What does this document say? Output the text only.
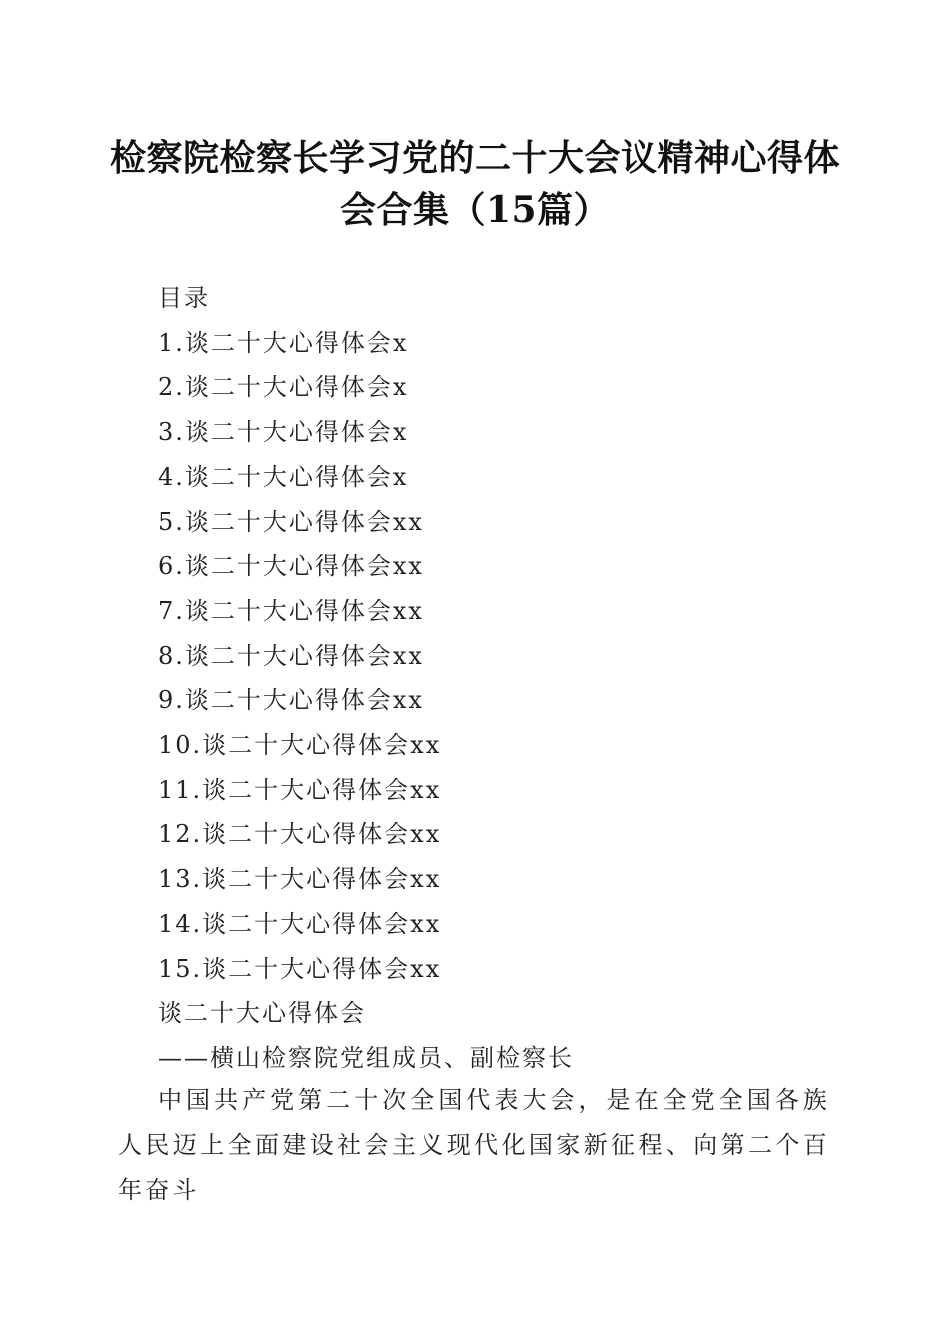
检察院检察长学习党的二十大会议精神心得体
会合集（15篇）
目录
1.谈二十大心得体会x
2.谈二十大心得体会x
3.谈二十大心得体会x
4.谈二十大心得体会x
5.谈二十大心得体会xx
6.谈二十大心得体会xx
7.谈二十大心得体会xx
8.谈二十大心得体会xx
9.谈二十大心得体会xx
10.谈二十大心得体会xx
11.谈二十大心得体会xx
12.谈二十大心得体会xx
13.谈二十大心得体会xx
14.谈二十大心得体会xx
15.谈二十大心得体会xx
谈二十大心得体会
——横山检察院党组成员、副检察长
中国共产党第二十次全国代表大会，是在全党全国各族人民迈上全面建设社会主义现代化国家新征程、向第二个百年奋斗
